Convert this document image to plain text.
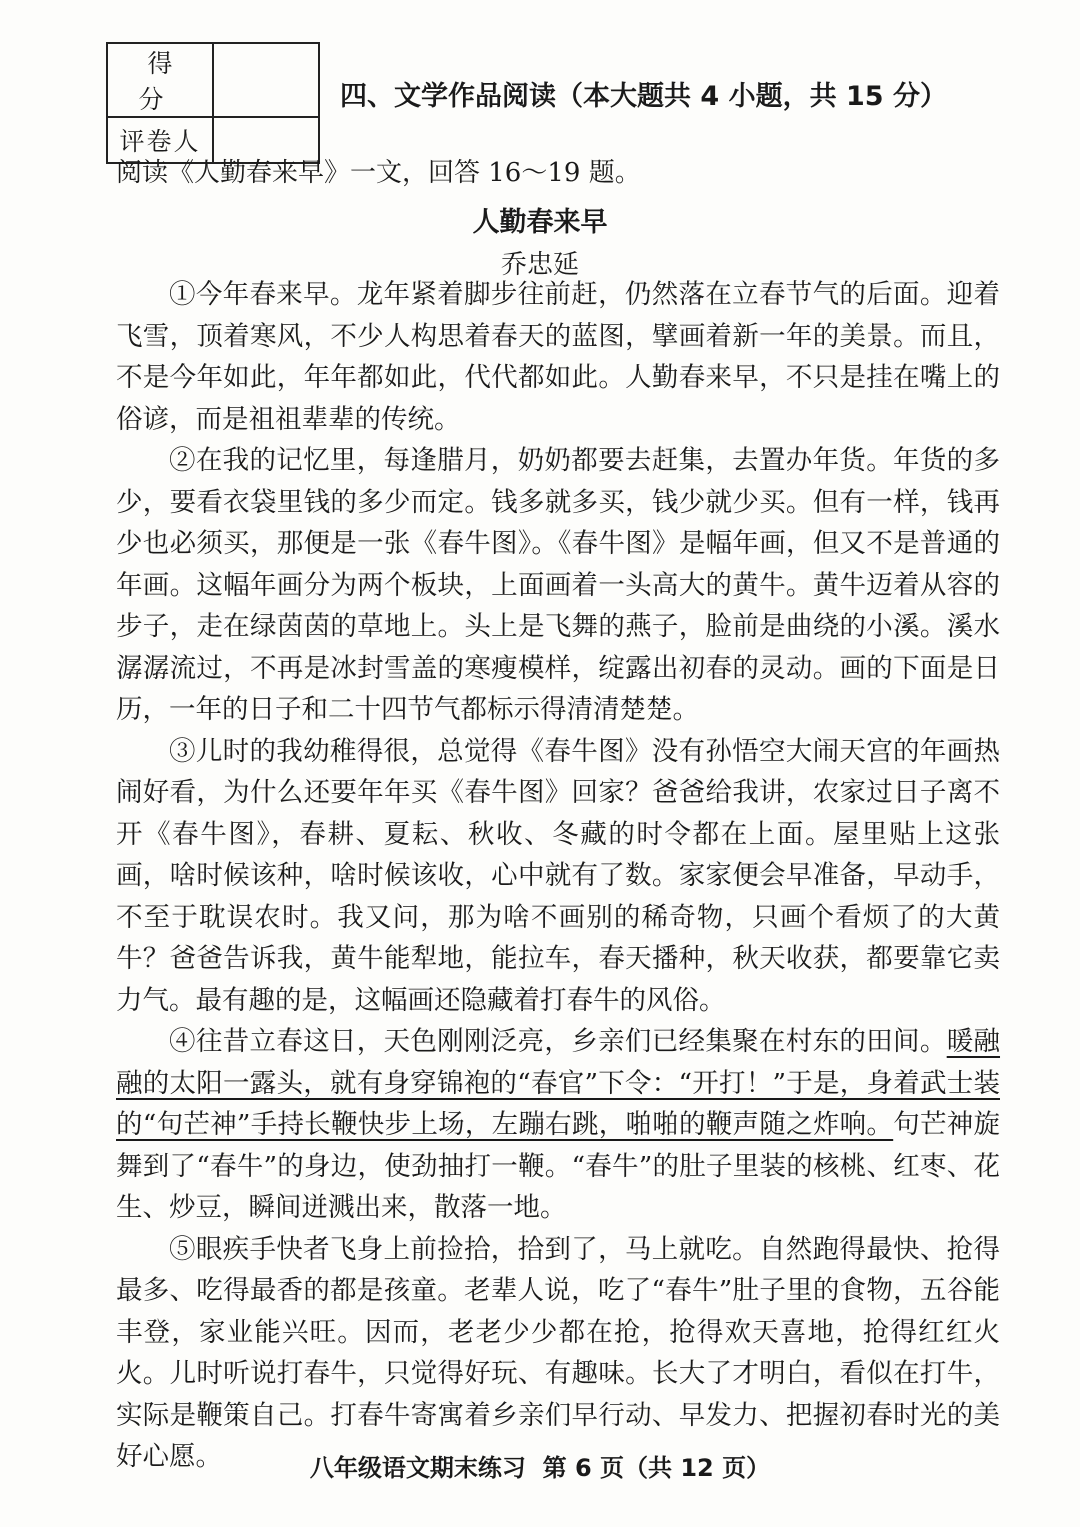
得 分	
评卷人	
四、文学作品阅读（本大题共 4 小题，共 15 分）
阅读《人勤春来早》一文，回答 16～19 题。
人勤春来早
乔忠延

①今年春来早。龙年紧着脚步往前赶，仍然落在立春节气的后面。迎着飞雪，顶着寒风，不少人构思着春天的蓝图，擘画着新一年的美景。而且，不是今年如此，年年都如此，代代都如此。人勤春来早，不只是挂在嘴上的俗谚，而是祖祖辈辈的传统。

②在我的记忆里，每逢腊月，奶奶都要去赶集，去置办年货。年货的多少，要看衣袋里钱的多少而定。钱多就多买，钱少就少买。但有一样，钱再少也必须买，那便是一张《春牛图》。《春牛图》是幅年画，但又不是普通的年画。这幅年画分为两个板块，上面画着一头高大的黄牛。黄牛迈着从容的步子，走在绿茵茵的草地上。头上是飞舞的燕子，脸前是曲绕的小溪。溪水潺潺流过，不再是冰封雪盖的寒瘦模样，绽露出初春的灵动。画的下面是日历，一年的日子和二十四节气都标示得清清楚楚。

③儿时的我幼稚得很，总觉得《春牛图》没有孙悟空大闹天宫的年画热闹好看，为什么还要年年买《春牛图》回家？爸爸给我讲，农家过日子离不开《春牛图》，春耕、夏耘、秋收、冬藏的时令都在上面。屋里贴上这张画，啥时候该种，啥时候该收，心中就有了数。家家便会早准备，早动手，不至于耽误农时。我又问，那为啥不画别的稀奇物，只画个看烦了的大黄牛？爸爸告诉我，黄牛能犁地，能拉车，春天播种，秋天收获，都要靠它卖力气。最有趣的是，这幅画还隐藏着打春牛的风俗。

④往昔立春这日，天色刚刚泛亮，乡亲们已经集聚在村东的田间。暖融融的太阳一露头，就有身穿锦袍的“春官”下令：“开打！”于是，身着武士装的“句芒神”手持长鞭快步上场，左蹦右跳，啪啪的鞭声随之炸响。句芒神旋舞到了“春牛”的身边，使劲抽打一鞭。“春牛”的肚子里装的核桃、红枣、花生、炒豆，瞬间迸溅出来，散落一地。

⑤眼疾手快者飞身上前捡拾，拾到了，马上就吃。自然跑得最快、抢得最多、吃得最香的都是孩童。老辈人说，吃了“春牛”肚子里的食物，五谷能丰登，家业能兴旺。因而，老老少少都在抢，抢得欢天喜地，抢得红红火火。儿时听说打春牛，只觉得好玩、有趣味。长大了才明白，看似在打牛，实际是鞭策自己。打春牛寄寓着乡亲们早行动、早发力、把握初春时光的美好心愿。	八年级语文期末练习  第 6 页（共 12 页）
